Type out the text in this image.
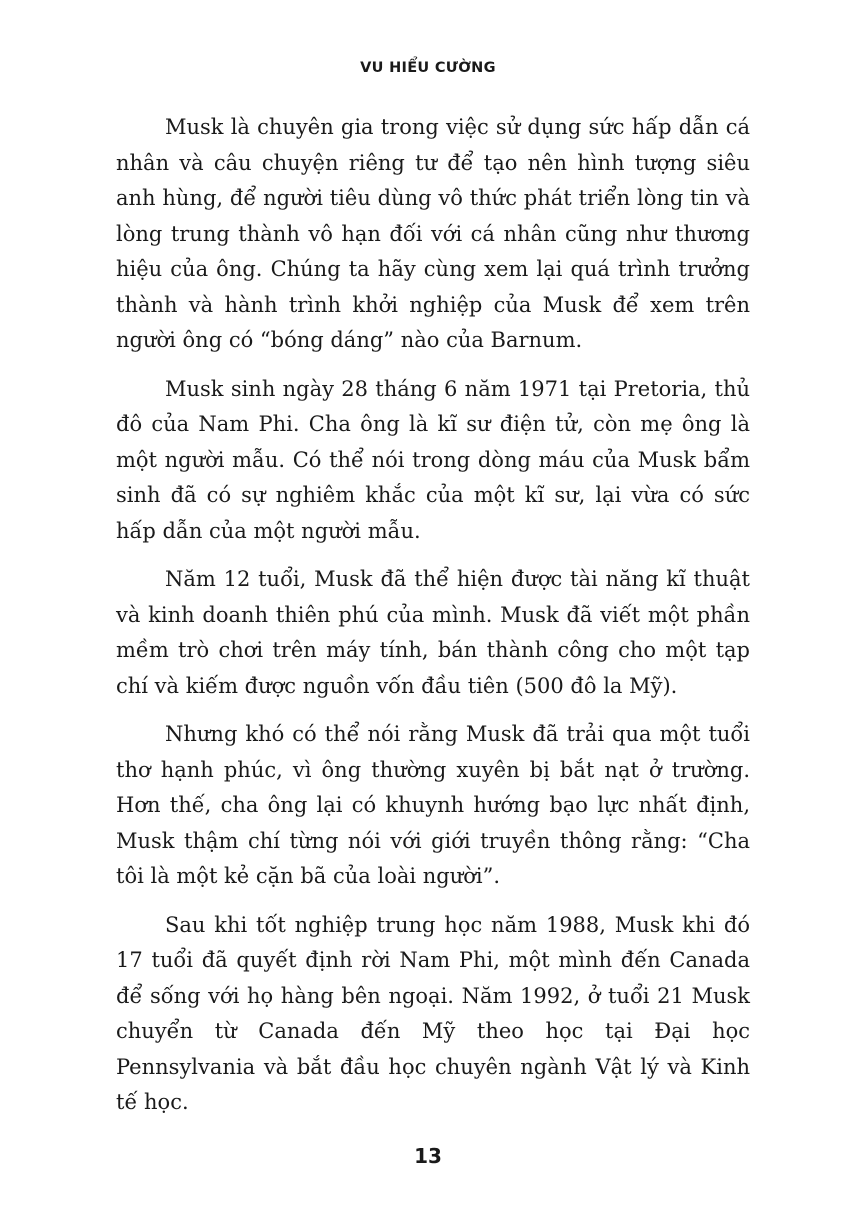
VU HIỂU CƯỜNG

Musk là chuyên gia trong việc sử dụng sức hấp dẫn cá nhân và câu chuyện riêng tư để tạo nên hình tượng siêu anh hùng, để người tiêu dùng vô thức phát triển lòng tin và lòng trung thành vô hạn đối với cá nhân cũng như thương hiệu của ông. Chúng ta hãy cùng xem lại quá trình trưởng thành và hành trình khởi nghiệp của Musk để xem trên người ông có “bóng dáng” nào của Barnum.

Musk sinh ngày 28 tháng 6 năm 1971 tại Pretoria, thủ đô của Nam Phi. Cha ông là kĩ sư điện tử, còn mẹ ông là một người mẫu. Có thể nói trong dòng máu của Musk bẩm sinh đã có sự nghiêm khắc của một kĩ sư, lại vừa có sức hấp dẫn của một người mẫu.

Năm 12 tuổi, Musk đã thể hiện được tài năng kĩ thuật và kinh doanh thiên phú của mình. Musk đã viết một phần mềm trò chơi trên máy tính, bán thành công cho một tạp chí và kiếm được nguồn vốn đầu tiên (500 đô la Mỹ).

Nhưng khó có thể nói rằng Musk đã trải qua một tuổi thơ hạnh phúc, vì ông thường xuyên bị bắt nạt ở trường. Hơn thế, cha ông lại có khuynh hướng bạo lực nhất định, Musk thậm chí từng nói với giới truyền thông rằng: “Cha tôi là một kẻ cặn bã của loài người”.

Sau khi tốt nghiệp trung học năm 1988, Musk khi đó 17 tuổi đã quyết định rời Nam Phi, một mình đến Canada để sống với họ hàng bên ngoại. Năm 1992, ở tuổi 21 Musk chuyển từ Canada đến Mỹ theo học tại Đại học Pennsylvania và bắt đầu học chuyên ngành Vật lý và Kinh tế học.

13
